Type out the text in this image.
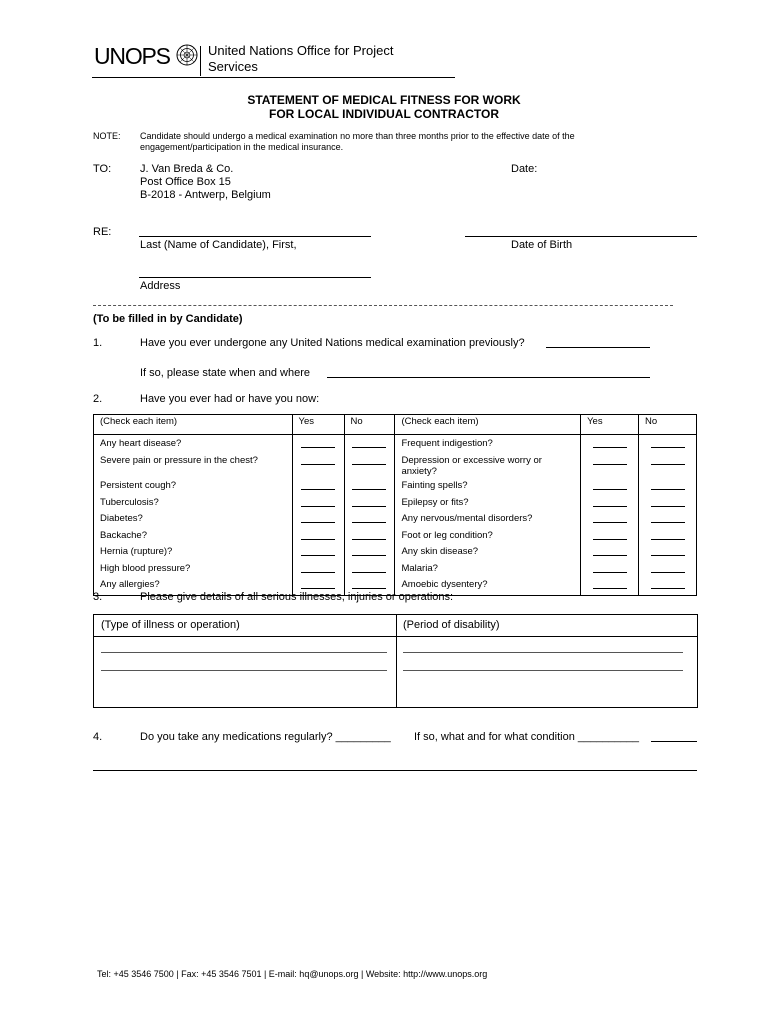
UNOPS	United Nations Office for Project
Services
STATEMENT OF MEDICAL FITNESS FOR WORK
FOR LOCAL INDIVIDUAL CONTRACTOR
NOTE: Candidate should undergo a medical examination no more than three months prior to the effective date of the engagement/participation in the medical insurance.
TO:	J. Van Breda & Co.
Post Office Box 15
B-2018 - Antwerp, Belgium
Date:
RE:
Last (Name of Candidate), First,	Date of Birth
Address
(To be filled in by Candidate)
1.	Have you ever undergone any United Nations medical examination previously?
If so, please state when and where
2.	Have you ever had or have you now:
(Check each item)	Yes	No	(Check each item)	Yes	No
Any heart disease?			Frequent indigestion?		
Severe pain or pressure in the chest?			Depression or excessive worry or anxiety?		
Persistent cough?			Fainting spells?		
Tuberculosis?			Epilepsy or fits?		
Diabetes?			Any nervous/mental disorders?		
Backache?			Foot or leg condition?		
Hernia (rupture)?			Any skin disease?		
High blood pressure?			Malaria?		
Any allergies?			Amoebic dysentery?		
3.	Please give details of all serious illnesses, injuries or operations:
(Type of illness or operation)	(Period of disability)
4.	Do you take any medications regularly? _________ If so, what and for what condition __________
Tel: +45 3546 7500 | Fax: +45 3546 7501 | E-mail: hq@unops.org | Website: http://www.unops.org
